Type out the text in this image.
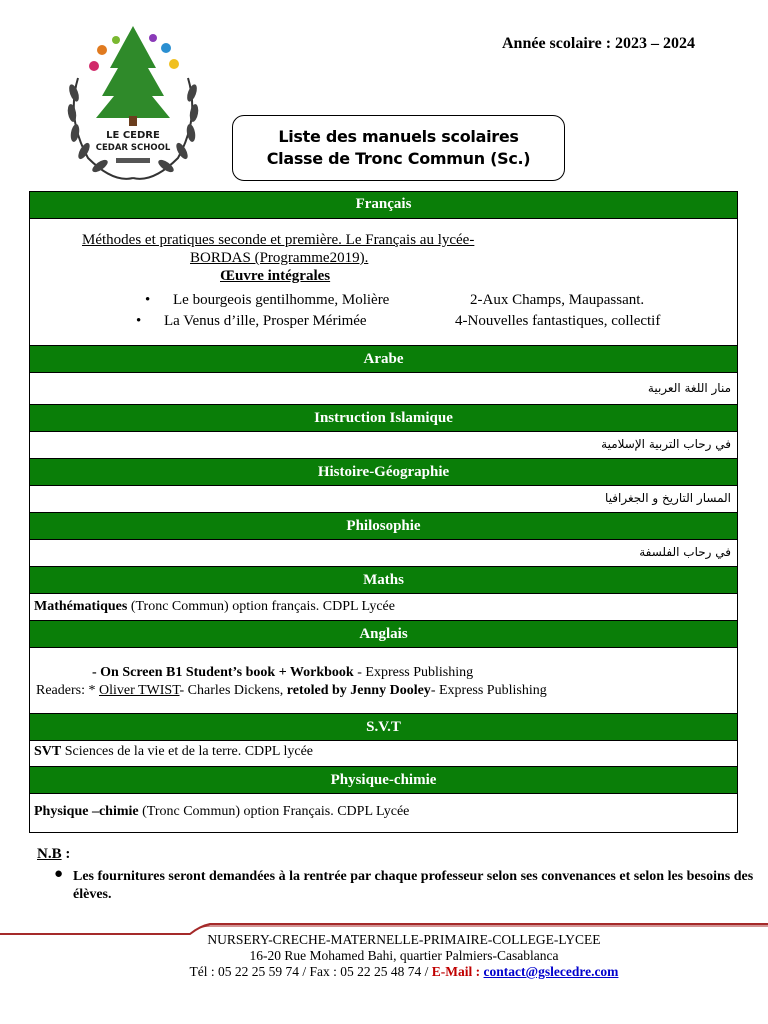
LE CEDRE
CEDAR SCHOOL
Année scolaire : 2023 – 2024
Liste des manuels scolaires
Classe de Tronc Commun (Sc.)
Français
Méthodes et pratiques seconde et première. Le Français au lycée-
BORDAS (Programme2019).
Œuvre intégrales
• Le bourgeois gentilhomme, Molière	2-Aux Champs, Maupassant.
• La Venus d’ille, Prosper Mérimée	4-Nouvelles fantastiques, collectif
Arabe
منار اللغة العربية
Instruction Islamique
في رحاب التربية الإسلامية
Histoire-Géographie
المسار التاريخ و الجغرافيا
Philosophie
في رحاب الفلسفة
Maths
Mathématiques (Tronc Commun) option français. CDPL Lycée
Anglais
- On Screen B1 Student’s book + Workbook - Express Publishing
Readers: * Oliver TWIST- Charles Dickens, retoled by Jenny Dooley- Express Publishing
S.V.T
SVT Sciences de la vie et de la terre. CDPL lycée
Physique-chimie
Physique –chimie (Tronc Commun) option Français. CDPL Lycée
N.B :
● Les fournitures seront demandées à la rentrée par chaque professeur selon ses convenances et selon les besoins des élèves.
NURSERY-CRECHE-MATERNELLE-PRIMAIRE-COLLEGE-LYCEE
16-20 Rue Mohamed Bahi, quartier Palmiers-Casablanca
Tél : 05 22 25 59 74 / Fax : 05 22 25 48 74 / E-Mail : contact@gslecedre.com
